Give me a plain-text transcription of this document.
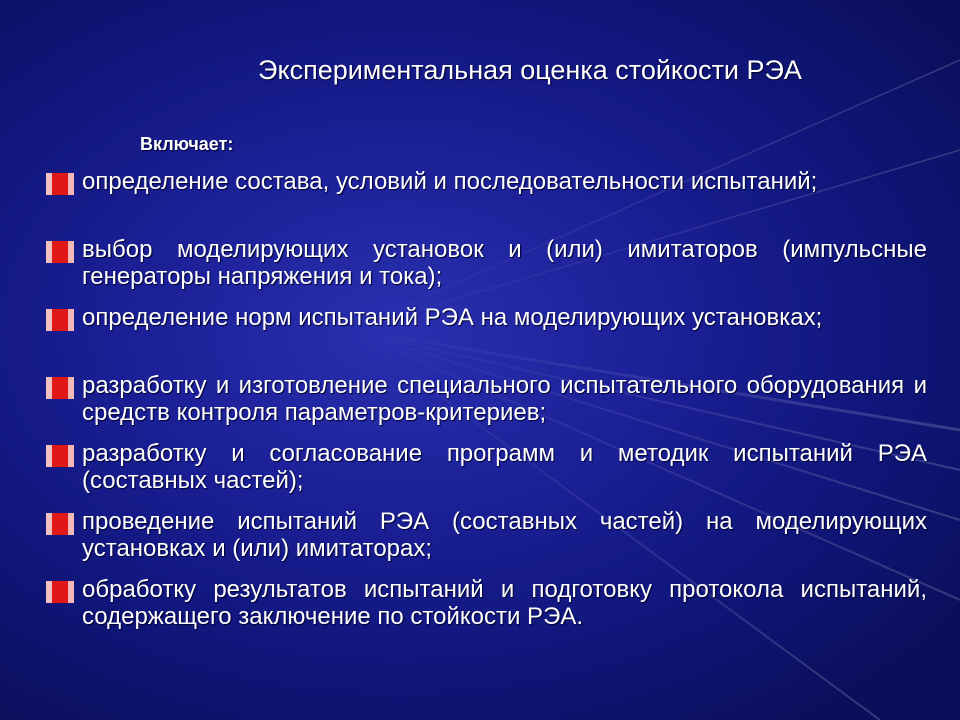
Экспериментальная оценка стойкости РЭА
Включает:
определение состава, условий и последовательности испытаний;
выбор моделирующих установок и (или) имитаторов (импульсные генераторы напряжения и тока);
определение норм испытаний РЭА на моделирующих установках;
разработку и изготовление специального испытательного оборудования и средств контроля параметров-критериев;
разработку и согласование программ и методик испытаний РЭА (составных частей);
проведение испытаний РЭА (составных частей) на моделирующих установках и (или) имитаторах;
обработку результатов испытаний и подготовку протокола испытаний, содержащего заключение по стойкости РЭА.
